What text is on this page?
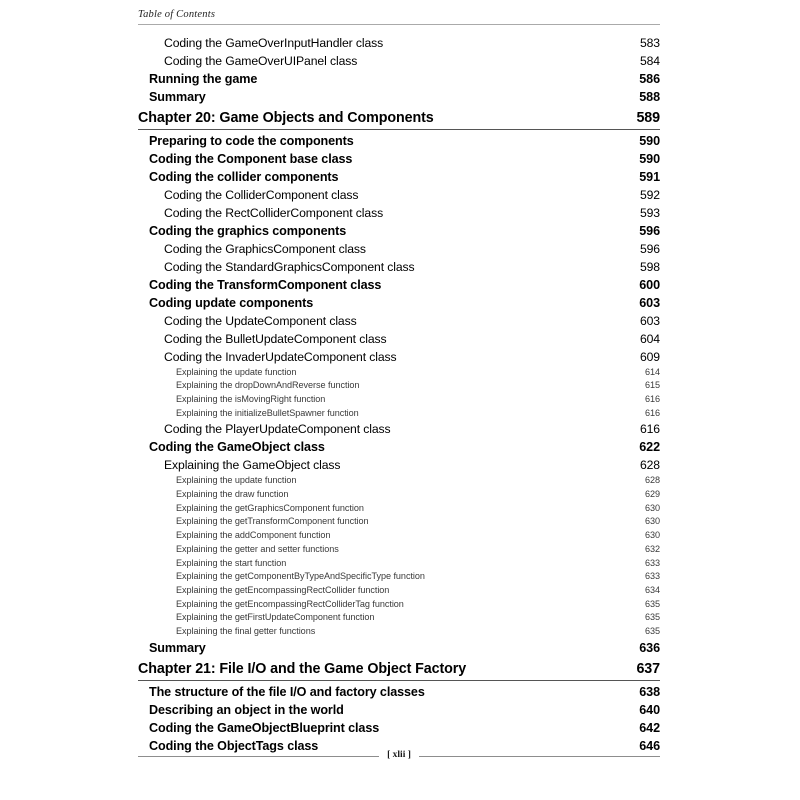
Table of Contents
Coding the GameOverInputHandler class	583
Coding the GameOverUIPanel class	584
Running the game	586
Summary	588
Chapter 20: Game Objects and Components	589
Preparing to code the components	590
Coding the Component base class	590
Coding the collider components	591
Coding the ColliderComponent class	592
Coding the RectColliderComponent class	593
Coding the graphics components	596
Coding the GraphicsComponent class	596
Coding the StandardGraphicsComponent class	598
Coding the TransformComponent class	600
Coding update components	603
Coding the UpdateComponent class	603
Coding the BulletUpdateComponent class	604
Coding the InvaderUpdateComponent class	609
Explaining the update function	614
Explaining the dropDownAndReverse function	615
Explaining the isMovingRight function	616
Explaining the initializeBulletSpawner function	616
Coding the PlayerUpdateComponent class	616
Coding the GameObject class	622
Explaining the GameObject class	628
Explaining the update function	628
Explaining the draw function	629
Explaining the getGraphicsComponent function	630
Explaining the getTransformComponent function	630
Explaining the addComponent function	630
Explaining the getter and setter functions	632
Explaining the start function	633
Explaining the getComponentByTypeAndSpecificType function	633
Explaining the getEncompassingRectCollider function	634
Explaining the getEncompassingRectColliderTag function	635
Explaining the getFirstUpdateComponent function	635
Explaining the final getter functions	635
Summary	636
Chapter 21: File I/O and the Game Object Factory	637
The structure of the file I/O and factory classes	638
Describing an object in the world	640
Coding the GameObjectBlueprint class	642
Coding the ObjectTags class	646
[ xlii ]
